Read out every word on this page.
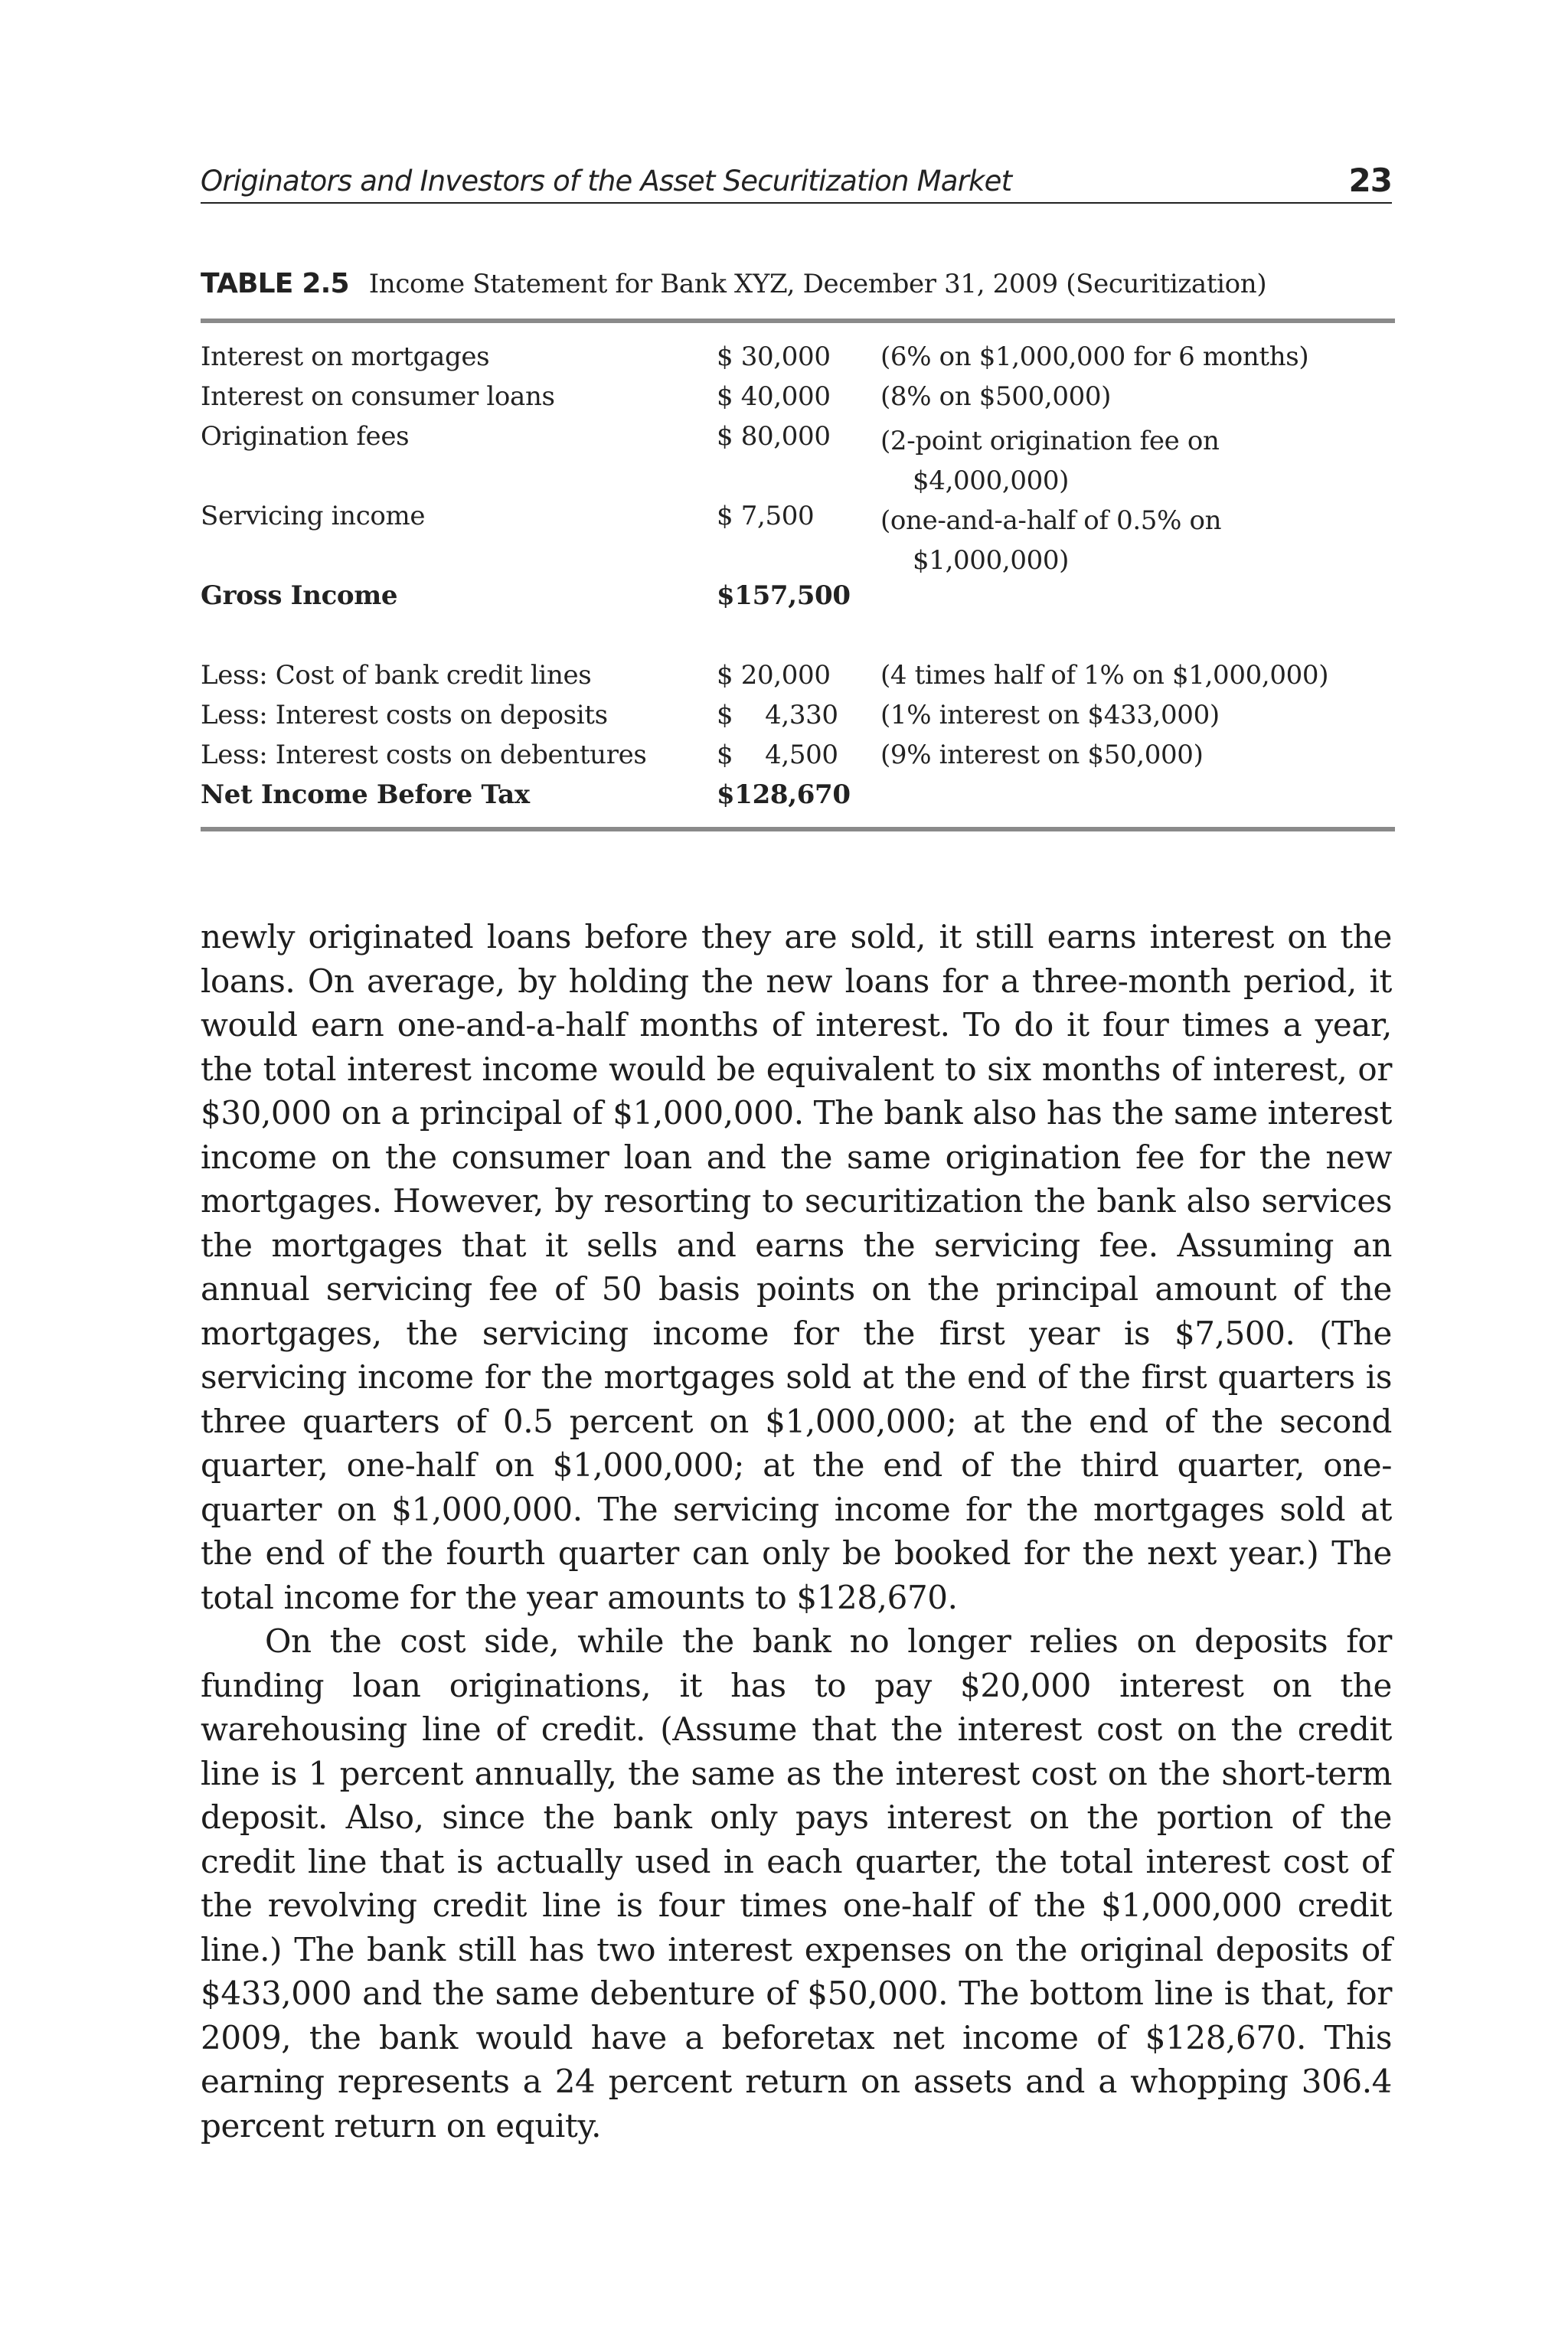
Originators and Investors of the Asset Securitization Market	23
TABLE 2.5 Income Statement for Bank XYZ, December 31, 2009 (Securitization)
Interest on mortgages	$ 30,000 (6% on $1,000,000 for 6 months)
Interest on consumer loans	$ 40,000 (8% on $500,000)
Origination fees	$ 80,000 (2-point origination fee on
$4,000,000)
Servicing income	$ 7,500	(one-and-a-half of 0.5% on
$1,000,000)
Gross Income	$157,500
Less: Cost of bank credit lines	$ 20,000 (4 times half of 1% on $1,000,000)
Less: Interest costs on deposits	$    4,330 (1% interest on $433,000)
Less: Interest costs on debentures	$    4,500 (9% interest on $50,000)
Net Income Before Tax	$128,670

newly originated loans before they are sold, it still earns interest on the loans. On average, by holding the new loans for a three-month period, it would earn one-and-a-half months of interest. To do it four times a year, the total interest income would be equivalent to six months of interest, or $30,000 on a principal of $1,000,000. The bank also has the same interest income on the consumer loan and the same origination fee for the new mortgages. However, by resorting to securitization the bank also services the mortgages that it sells and earns the servicing fee. Assuming an annual servicing fee of 50 basis points on the principal amount of the mortgages, the servicing income for the first year is $7,500. (The servicing income for the mortgages sold at the end of the first quarters is three quarters of 0.5 percent on $1,000,000; at the end of the second quarter, one-half on $1,000,000; at the end of the third quarter, one-quarter on $1,000,000. The servicing income for the mortgages sold at the end of the fourth quarter can only be booked for the next year.) The total income for the year amounts to $128,670.

On the cost side, while the bank no longer relies on deposits for funding loan originations, it has to pay $20,000 interest on the warehousing line of credit. (Assume that the interest cost on the credit line is 1 percent annually, the same as the interest cost on the short-term deposit. Also, since the bank only pays interest on the portion of the credit line that is actually used in each quarter, the total interest cost of the revolving credit line is four times one-half of the $1,000,000 credit line.) The bank still has two interest expenses on the original deposits of $433,000 and the same debenture of $50,000. The bottom line is that, for 2009, the bank would have a beforetax net income of $128,670. This earning represents a 24 percent return on assets and a whopping 306.4 percent return on equity.
